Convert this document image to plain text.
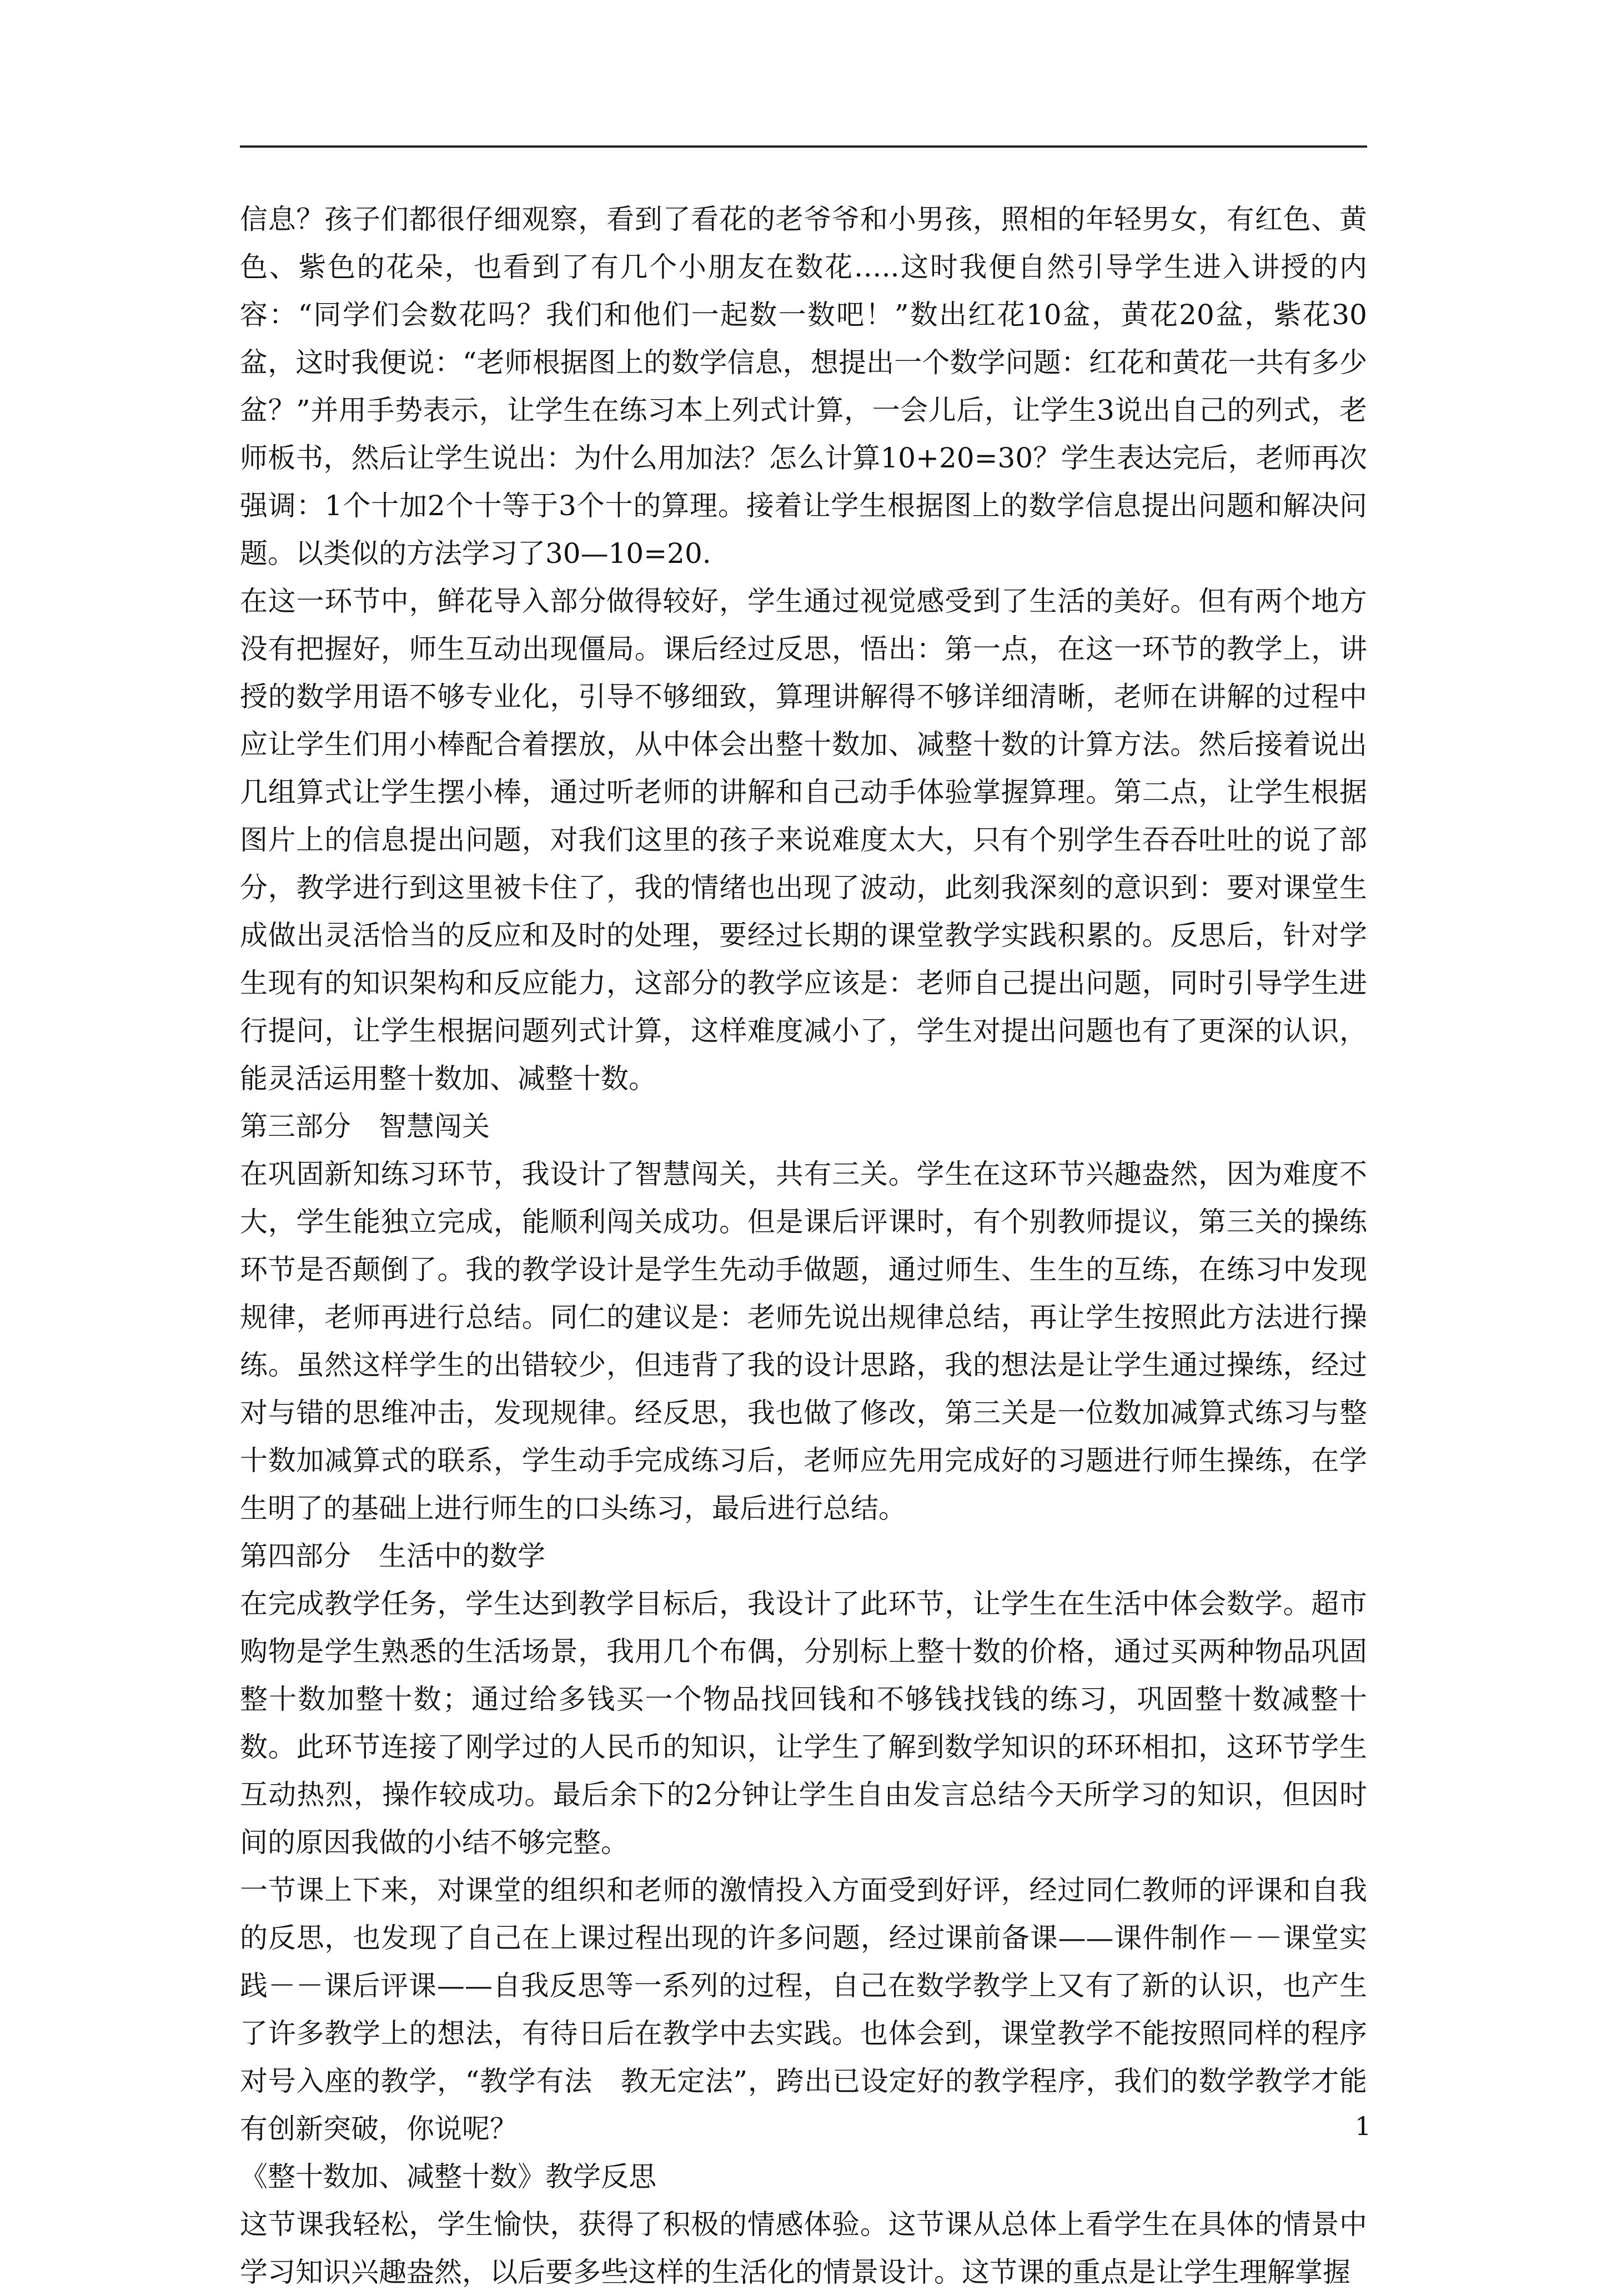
信息？孩子们都很仔细观察，看到了看花的老爷爷和小男孩，照相的年轻男女，有红色、黄色、紫色的花朵，也看到了有几个小朋友在数花…..这时我便自然引导学生进入讲授的内容：“同学们会数花吗？我们和他们一起数一数吧！”数出红花10盆，黄花20盆，紫花30盆，这时我便说：“老师根据图上的数学信息，想提出一个数学问题：红花和黄花一共有多少盆？”并用手势表示，让学生在练习本上列式计算，一会儿后，让学生3说出自己的列式，老师板书，然后让学生说出：为什么用加法？怎么计算10+20=30？学生表达完后，老师再次强调：1个十加2个十等于3个十的算理。接着让学生根据图上的数学信息提出问题和解决问题。以类似的方法学习了30—10=20.

在这一环节中，鲜花导入部分做得较好，学生通过视觉感受到了生活的美好。但有两个地方没有把握好，师生互动出现僵局。课后经过反思，悟出：第一点，在这一环节的教学上，讲授的数学用语不够专业化，引导不够细致，算理讲解得不够详细清晰，老师在讲解的过程中应让学生们用小棒配合着摆放，从中体会出整十数加、减整十数的计算方法。然后接着说出几组算式让学生摆小棒，通过听老师的讲解和自己动手体验掌握算理。第二点，让学生根据图片上的信息提出问题，对我们这里的孩子来说难度太大，只有个别学生吞吞吐吐的说了部分，教学进行到这里被卡住了，我的情绪也出现了波动，此刻我深刻的意识到：要对课堂生成做出灵活恰当的反应和及时的处理，要经过长期的课堂教学实践积累的。反思后，针对学生现有的知识架构和反应能力，这部分的教学应该是：老师自己提出问题，同时引导学生进行提问，让学生根据问题列式计算，这样难度减小了，学生对提出问题也有了更深的认识，能灵活运用整十数加、减整十数。

第三部分　智慧闯关

在巩固新知练习环节，我设计了智慧闯关，共有三关。学生在这环节兴趣盎然，因为难度不大，学生能独立完成，能顺利闯关成功。但是课后评课时，有个别教师提议，第三关的操练环节是否颠倒了。我的教学设计是学生先动手做题，通过师生、生生的互练，在练习中发现规律，老师再进行总结。同仁的建议是：老师先说出规律总结，再让学生按照此方法进行操练。虽然这样学生的出错较少，但违背了我的设计思路，我的想法是让学生通过操练，经过对与错的思维冲击，发现规律。经反思，我也做了修改，第三关是一位数加减算式练习与整十数加减算式的联系，学生动手完成练习后，老师应先用完成好的习题进行师生操练，在学生明了的基础上进行师生的口头练习，最后进行总结。

第四部分　生活中的数学

在完成教学任务，学生达到教学目标后，我设计了此环节，让学生在生活中体会数学。超市购物是学生熟悉的生活场景，我用几个布偶，分别标上整十数的价格，通过买两种物品巩固整十数加整十数；通过给多钱买一个物品找回钱和不够钱找钱的练习，巩固整十数减整十数。此环节连接了刚学过的人民币的知识，让学生了解到数学知识的环环相扣，这环节学生互动热烈，操作较成功。最后余下的2分钟让学生自由发言总结今天所学习的知识，但因时间的原因我做的小结不够完整。

一节课上下来，对课堂的组织和老师的激情投入方面受到好评，经过同仁教师的评课和自我的反思，也发现了自己在上课过程出现的许多问题，经过课前备课——课件制作－－课堂实践－－课后评课——自我反思等一系列的过程，自己在数学教学上又有了新的认识，也产生了许多教学上的想法，有待日后在教学中去实践。也体会到，课堂教学不能按照同样的程序对号入座的教学，“教学有法　教无定法”，跨出已设定好的教学程序，我们的数学教学才能有创新突破，你说呢？

《整十数加、减整十数》教学反思

这节课我轻松，学生愉快，获得了积极的情感体验。这节课从总体上看学生在具体的情景中学习知识兴趣盎然，以后要多些这样的生活化的情景设计。这节课的重点是让学生理解掌握

1
